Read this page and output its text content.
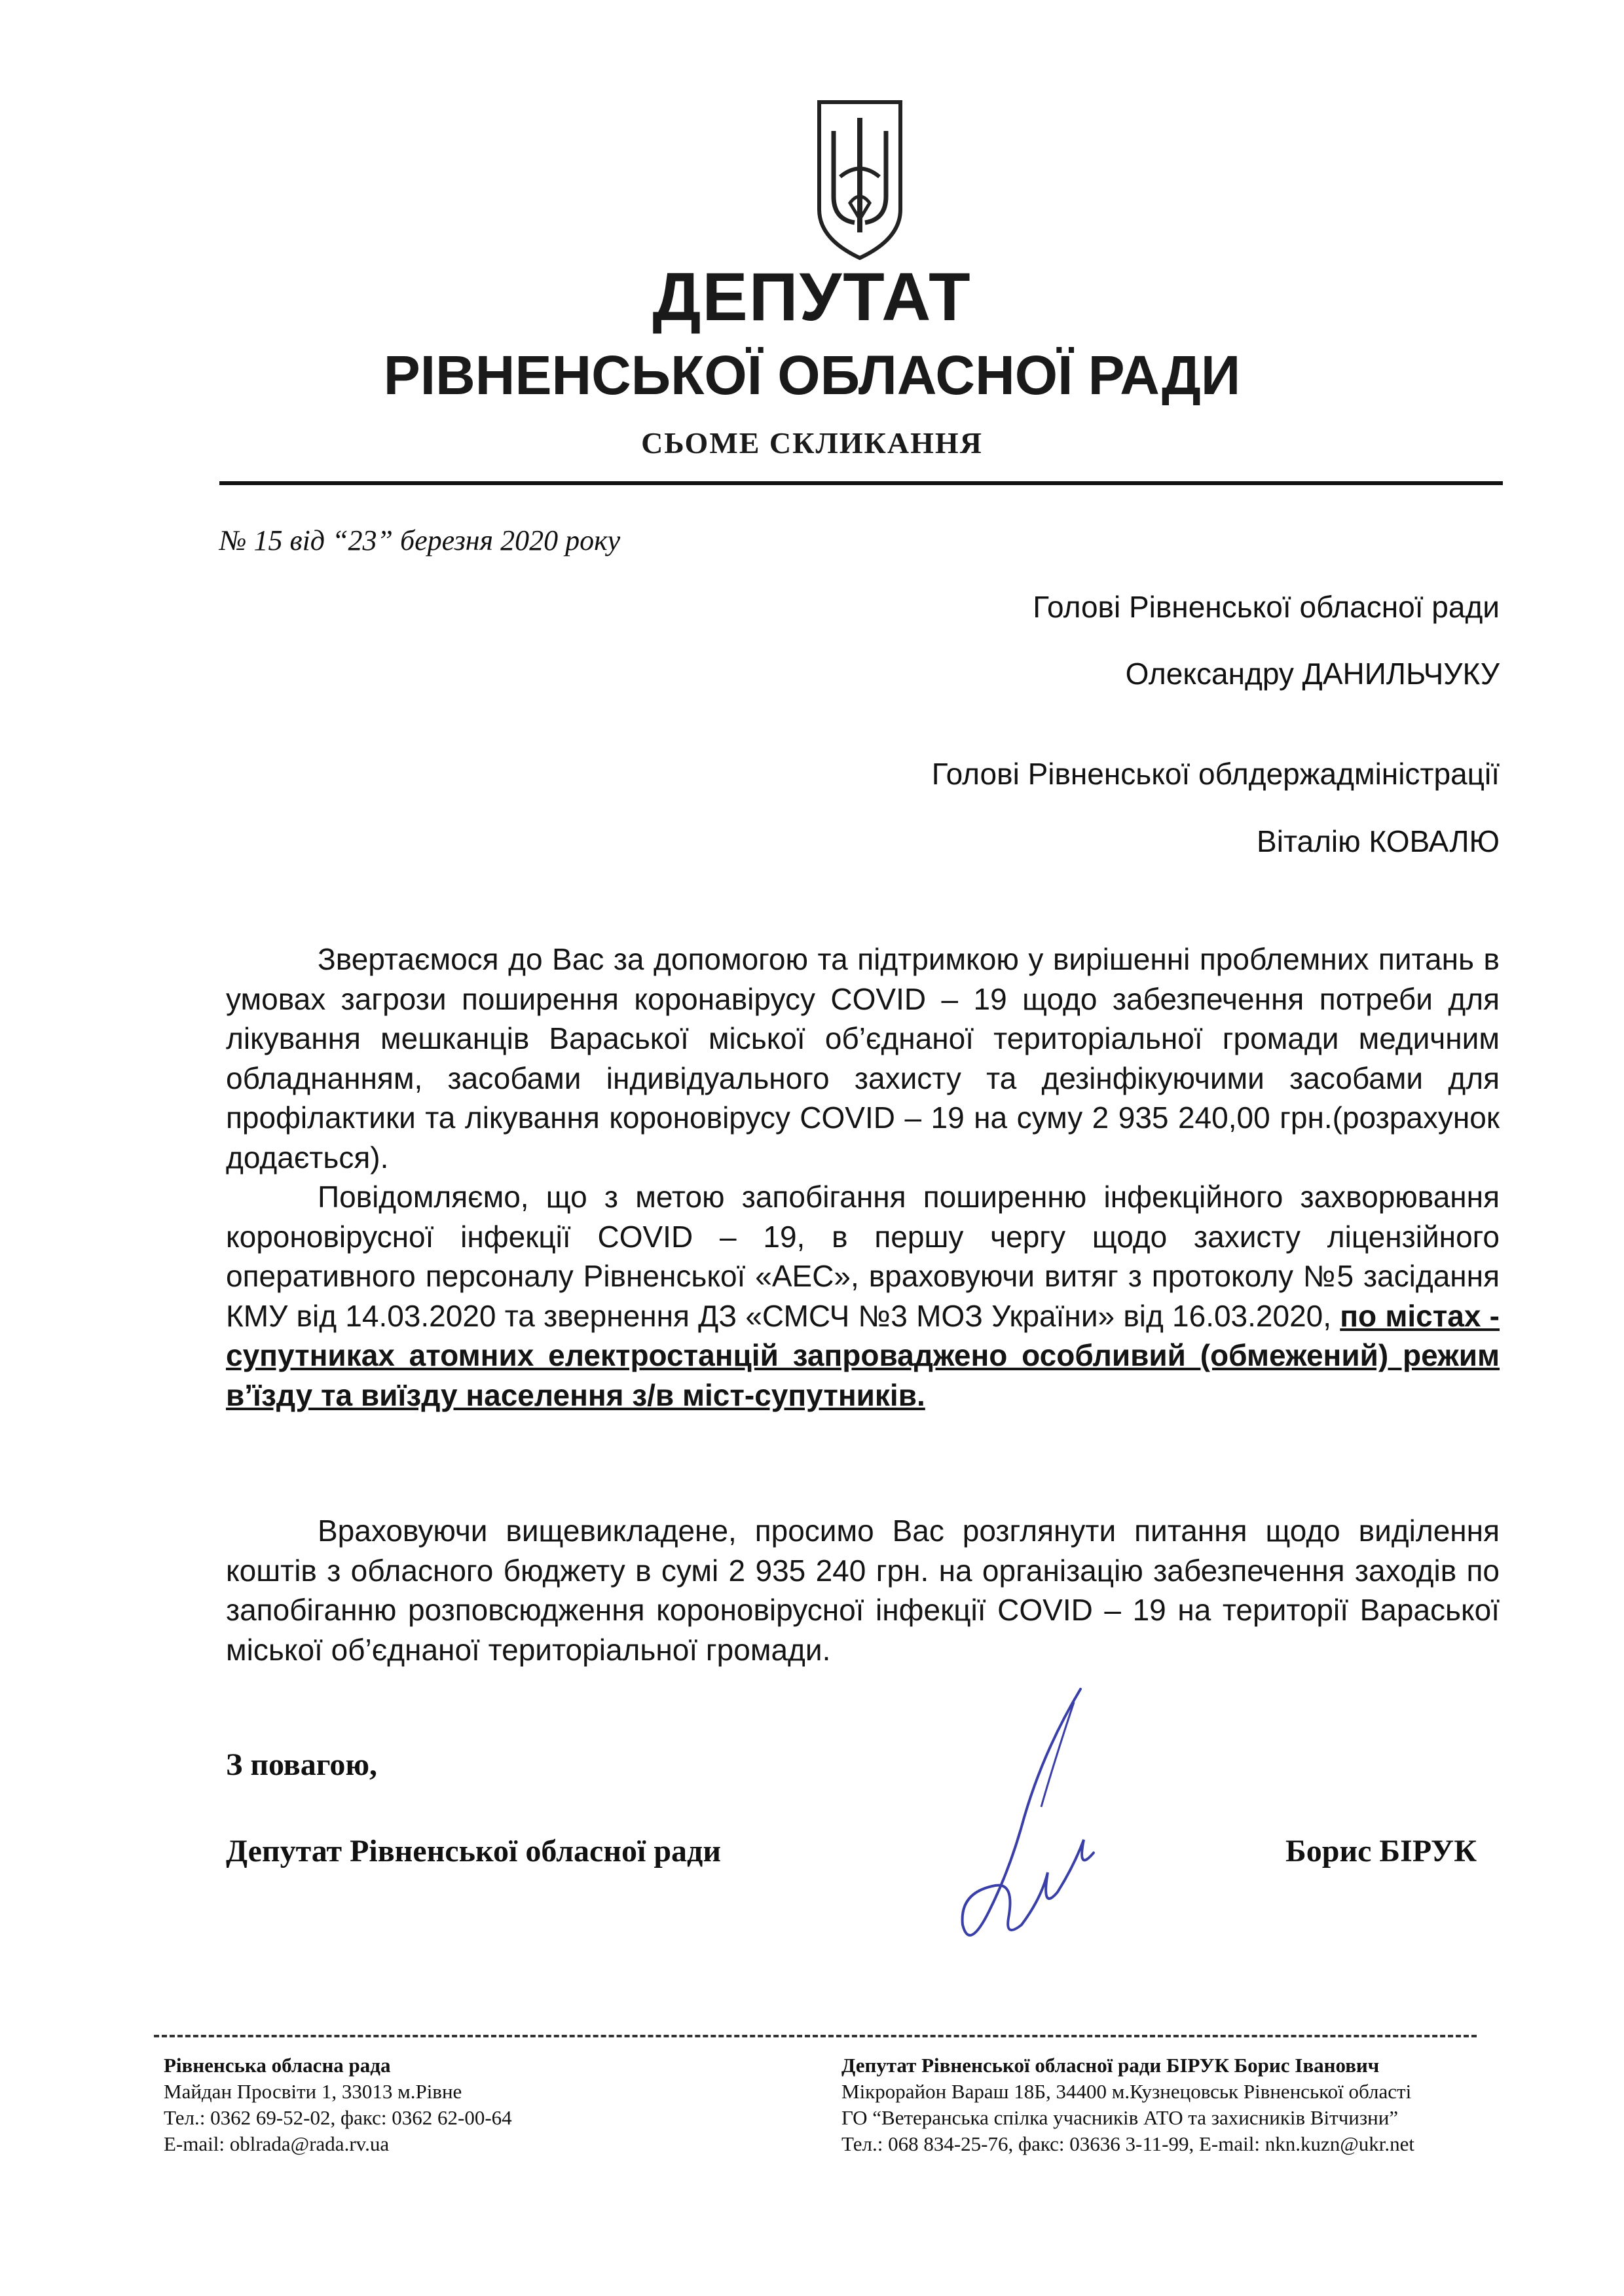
ДЕПУТАТ
РІВНЕНСЬКОЇ ОБЛАСНОЇ РАДИ
СЬОМЕ СКЛИКАННЯ
№ 15 від “23” березня 2020 року
Голові Рівненської обласної ради
Олександру ДАНИЛЬЧУКУ
Голові Рівненської облдержадміністрації
Віталію КОВАЛЮ

Звертаємося до Вас за допомогою та підтримкою у вирішенні проблемних питань в умовах загрози поширення коронавірусу COVID – 19 щодо забезпечення потреби для лікування мешканців Вараської міської об’єднаної територіальної громади медичним обладнанням, засобами індивідуального захисту та дезінфікуючими засобами для профілактики та лікування короновірусу COVID – 19 на суму 2 935 240,00 грн.(розрахунок додається).

Повідомляємо, що з метою запобігання поширенню інфекційного захворювання короновірусної інфекції COVID – 19, в першу чергу щодо захисту ліцензійного оперативного персоналу Рівненської «АЕС», враховуючи витяг з протоколу №5 засідання КМУ від 14.03.2020 та звернення ДЗ «СМСЧ №3 МОЗ України» від 16.03.2020, по містах - супутниках атомних електростанцій запроваджено особливий (обмежений) режим в’їзду та виїзду населення з/в міст-супутників.

Враховуючи вищевикладене, просимо Вас розглянути питання щодо виділення коштів з обласного бюджету в сумі 2 935 240 грн. на організацію забезпечення заходів по запобіганню розповсюдження короновірусної інфекції COVID – 19 на території Вараської міської об’єднаної територіальної громади.

З повагою,
Депутат Рівненської обласної ради	Борис БІРУК
Рівненська обласна рада
Майдан Просвіти 1, 33013 м.Рівне
Тел.: 0362 69-52-02, факс: 0362 62-00-64
E-mail: oblrada@rada.rv.ua
Депутат Рівненської обласної ради БІРУК Борис Іванович
Мікрорайон Вараш 18Б, 34400 м.Кузнецовськ Рівненської області
ГО “Ветеранська спілка учасників АТО та захисників Вітчизни”
Тел.: 068 834-25-76, факс: 03636 3-11-99, E-mail: nkn.kuzn@ukr.net
